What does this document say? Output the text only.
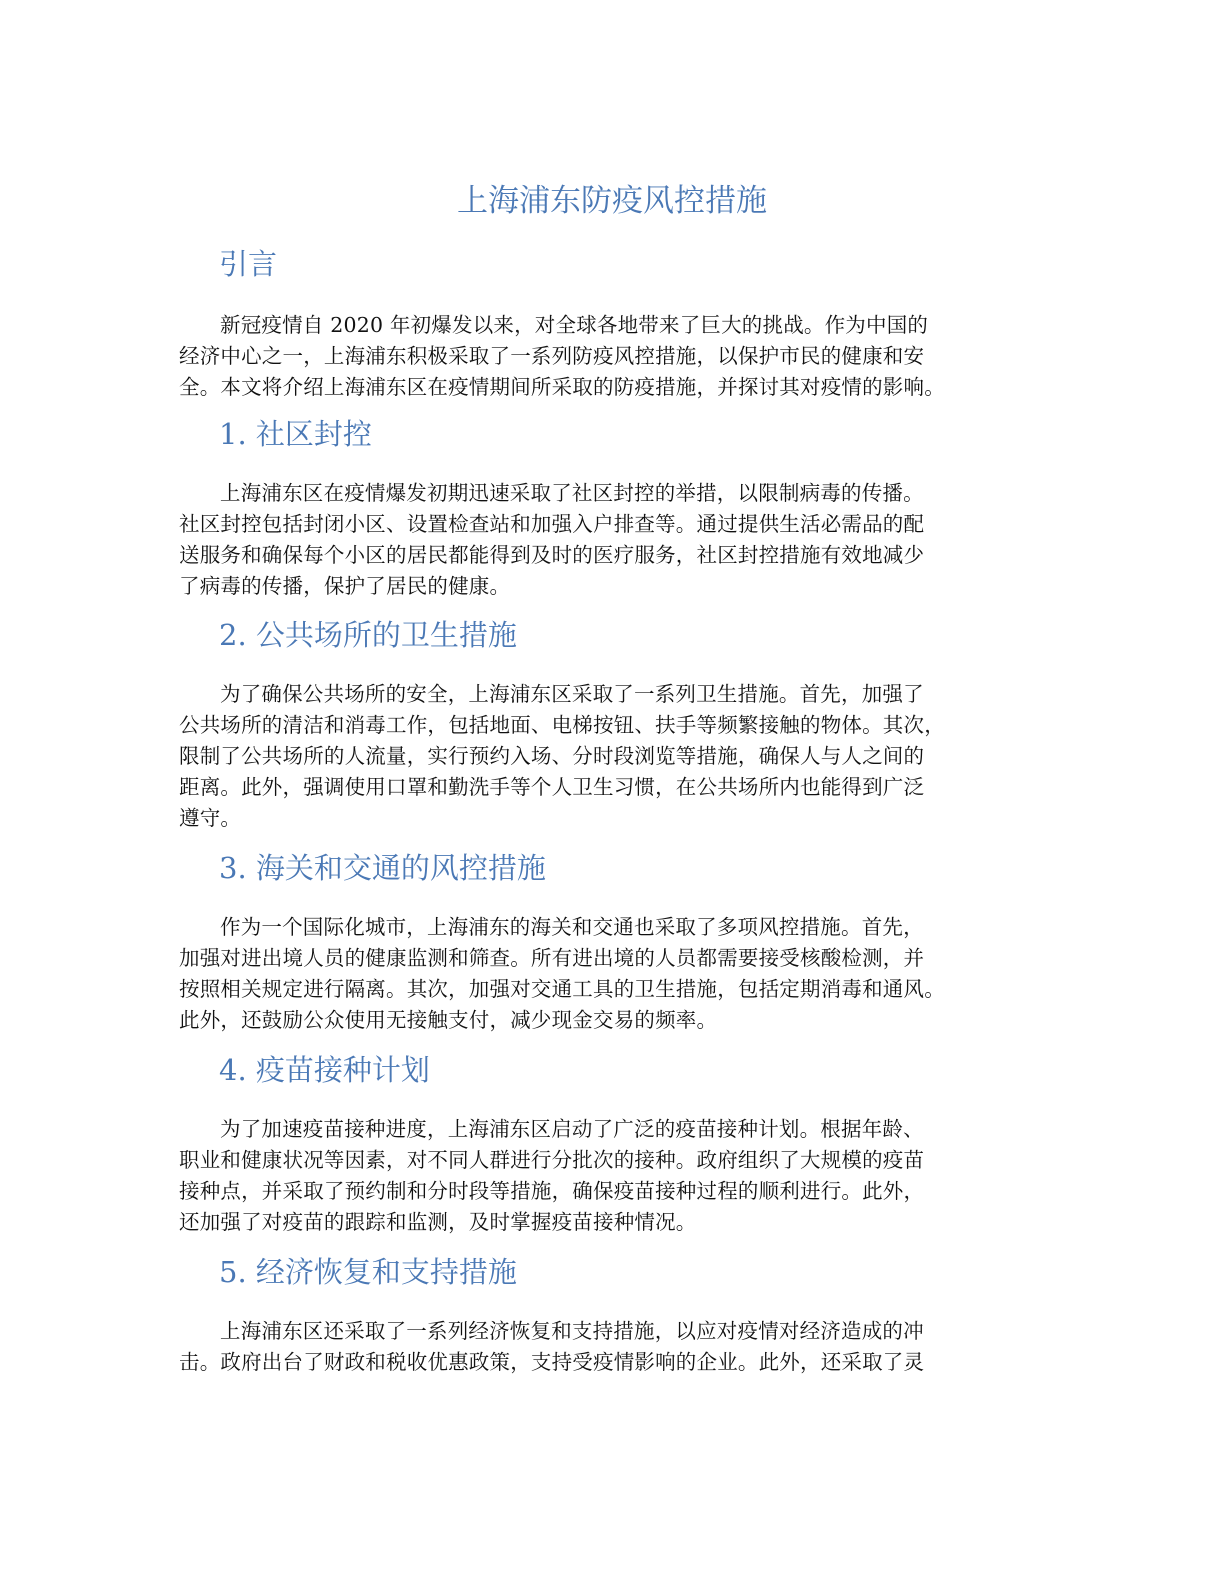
上海浦东防疫风控措施
引言

新冠疫情自 2020 年初爆发以来，对全球各地带来了巨大的挑战。作为中国的
经济中心之一，上海浦东积极采取了一系列防疫风控措施，以保护市民的健康和安
全。本文将介绍上海浦东区在疫情期间所采取的防疫措施，并探讨其对疫情的影响。

1. 社区封控

上海浦东区在疫情爆发初期迅速采取了社区封控的举措，以限制病毒的传播。
社区封控包括封闭小区、设置检查站和加强入户排查等。通过提供生活必需品的配
送服务和确保每个小区的居民都能得到及时的医疗服务，社区封控措施有效地减少
了病毒的传播，保护了居民的健康。

2. 公共场所的卫生措施

为了确保公共场所的安全，上海浦东区采取了一系列卫生措施。首先，加强了
公共场所的清洁和消毒工作，包括地面、电梯按钮、扶手等频繁接触的物体。其次，
限制了公共场所的人流量，实行预约入场、分时段浏览等措施，确保人与人之间的
距离。此外，强调使用口罩和勤洗手等个人卫生习惯，在公共场所内也能得到广泛
遵守。

3. 海关和交通的风控措施

作为一个国际化城市，上海浦东的海关和交通也采取了多项风控措施。首先，
加强对进出境人员的健康监测和筛查。所有进出境的人员都需要接受核酸检测，并
按照相关规定进行隔离。其次，加强对交通工具的卫生措施，包括定期消毒和通风。
此外，还鼓励公众使用无接触支付，减少现金交易的频率。

4. 疫苗接种计划

为了加速疫苗接种进度，上海浦东区启动了广泛的疫苗接种计划。根据年龄、
职业和健康状况等因素，对不同人群进行分批次的接种。政府组织了大规模的疫苗
接种点，并采取了预约制和分时段等措施，确保疫苗接种过程的顺利进行。此外，
还加强了对疫苗的跟踪和监测，及时掌握疫苗接种情况。

5. 经济恢复和支持措施

上海浦东区还采取了一系列经济恢复和支持措施，以应对疫情对经济造成的冲
击。政府出台了财政和税收优惠政策，支持受疫情影响的企业。此外，还采取了灵
